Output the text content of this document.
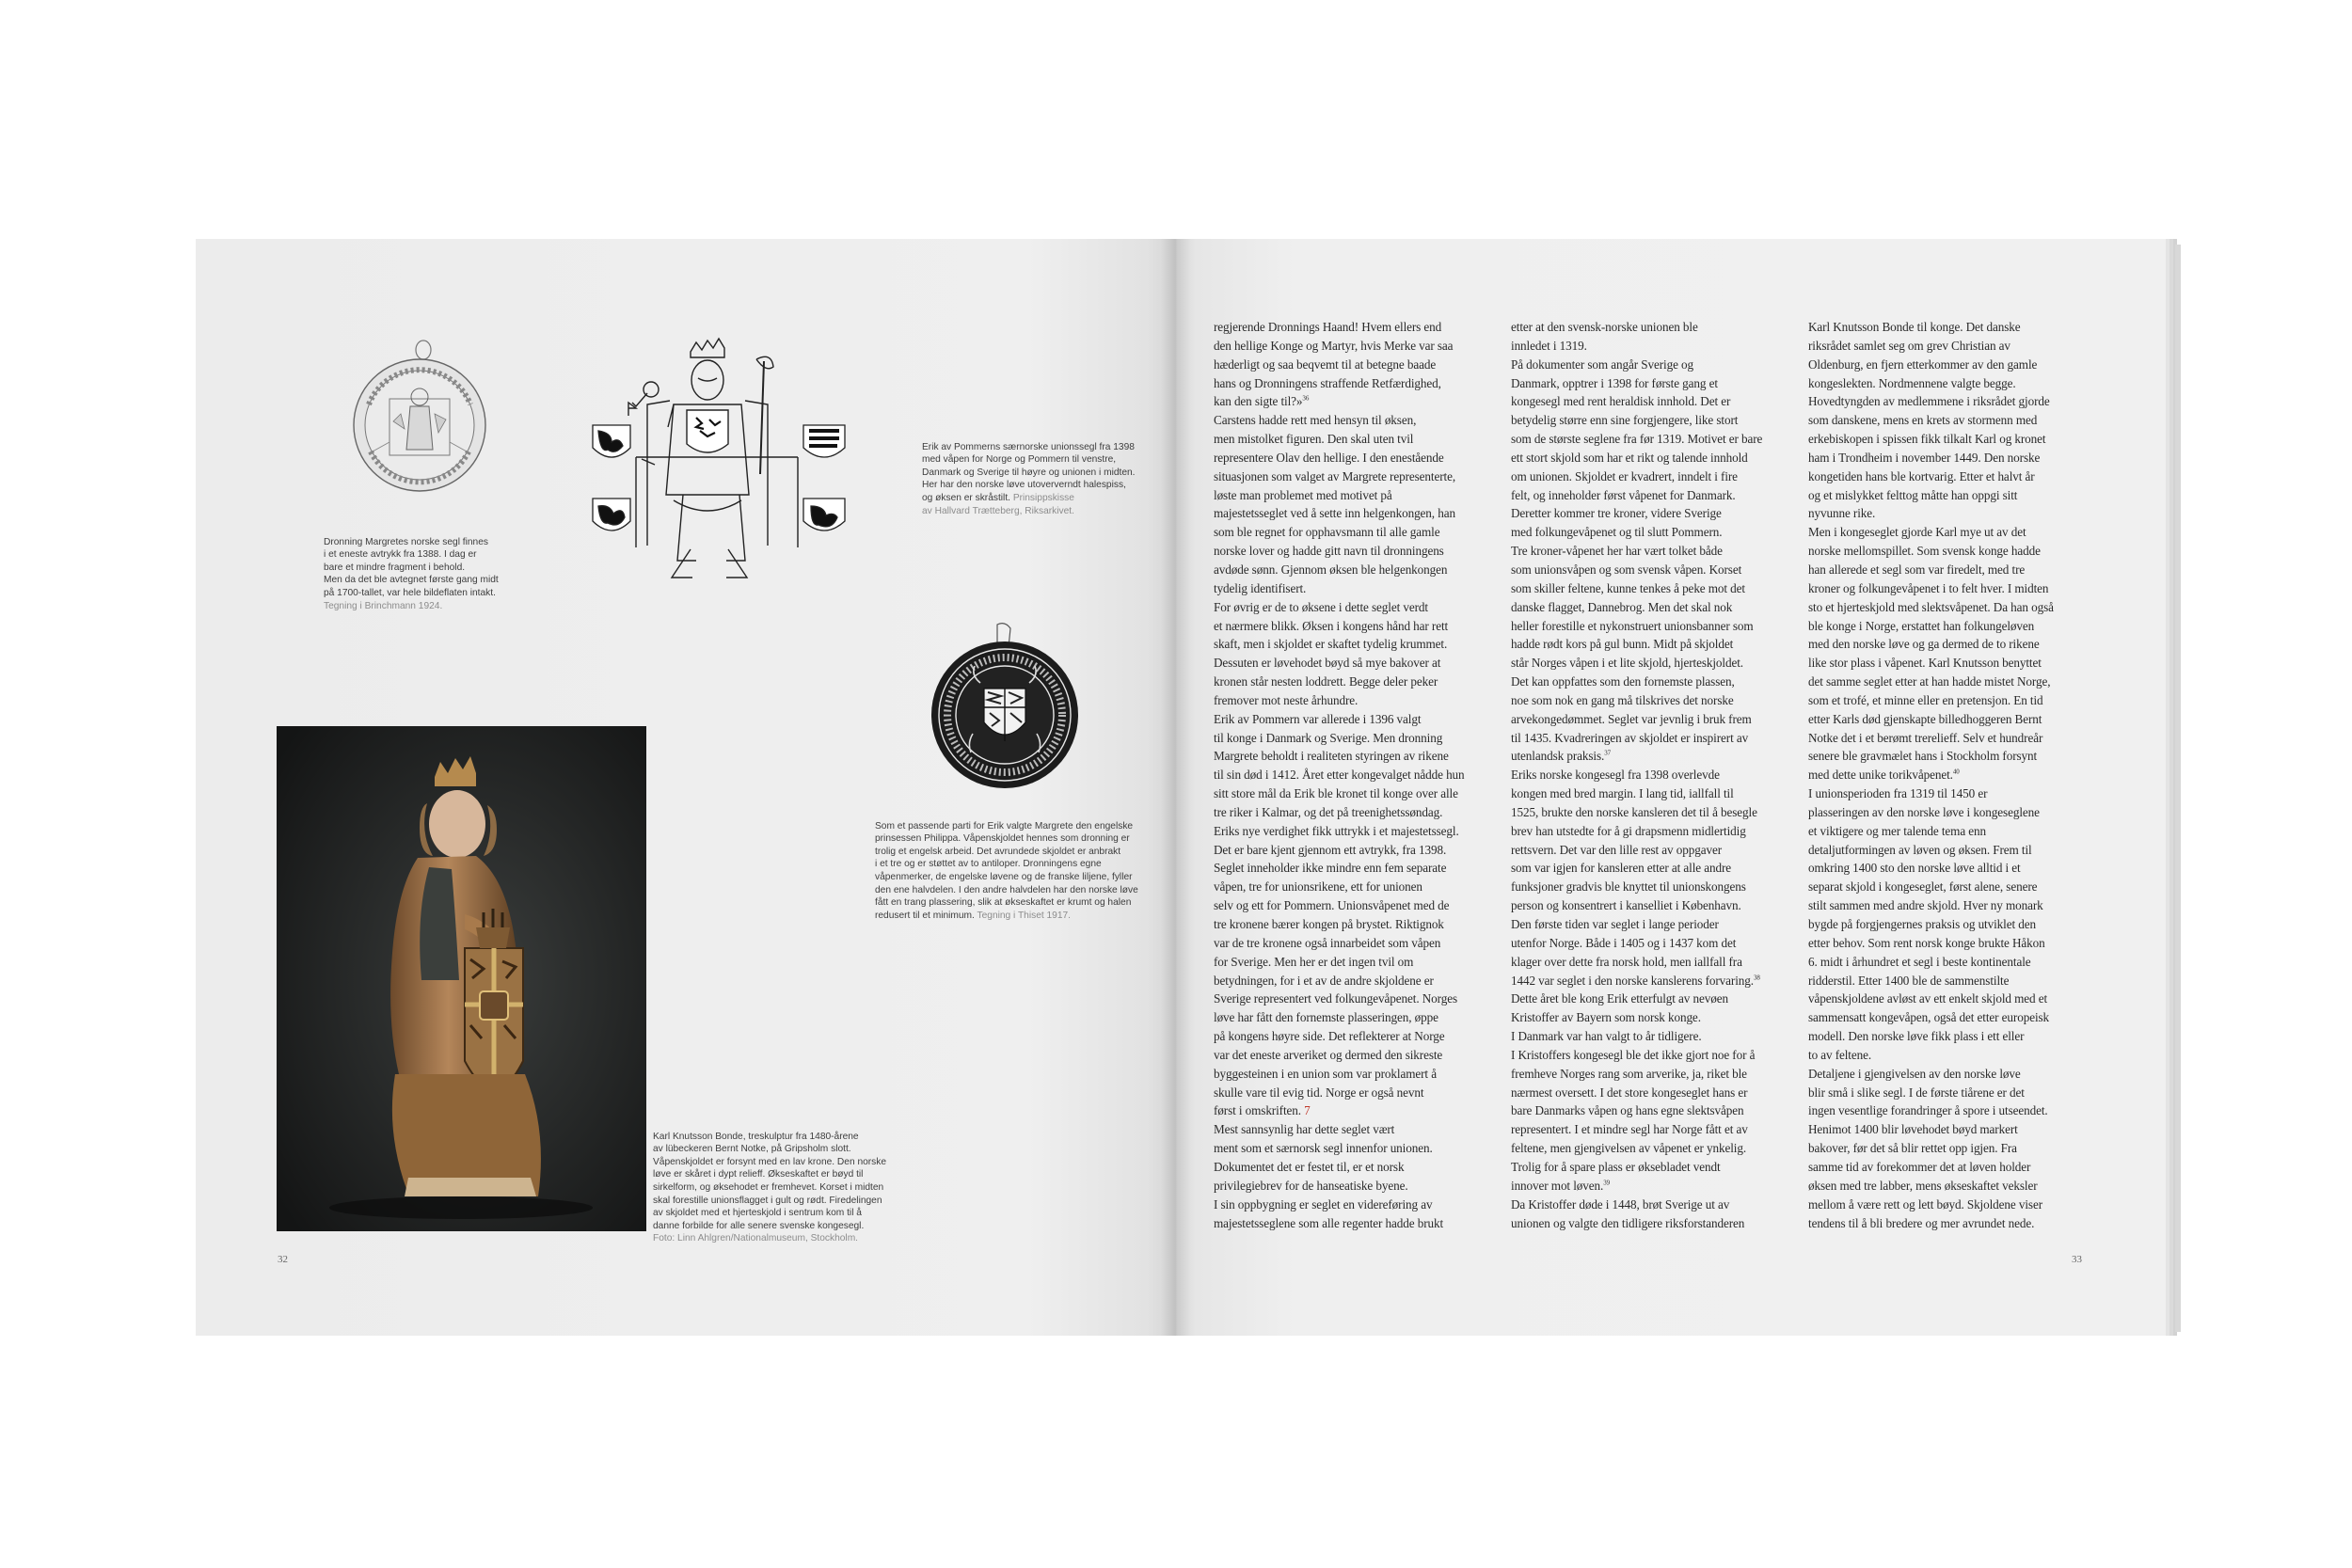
Dronning Margretes norske segl finnes
i et eneste avtrykk fra 1388. I dag er
bare et mindre fragment i behold.
Men da det ble avtegnet første gang midt
på 1700-tallet, var hele bildeflaten intakt.
Tegning i Brinchmann 1924.

Erik av Pommerns særnorske unionssegl fra 1398
med våpen for Norge og Pommern til venstre,
Danmark og Sverige til høyre og unionen i midten.
Her har den norske løve utoververndt halespiss,
og øksen er skråstilt. Prinsippskisse
av Hallvard Trætteberg, Riksarkivet.

Som et passende parti for Erik valgte Margrete den engelske
prinsessen Philippa. Våpenskjoldet hennes som dronning er
trolig et engelsk arbeid. Det avrundede skjoldet er anbrakt
i et tre og er støttet av to antiloper. Dronningens egne
våpenmerker, de engelske løvene og de franske liljene, fyller
den ene halvdelen. I den andre halvdelen har den norske løve
fått en trang plassering, slik at økseskaftet er krumt og halen
redusert til et minimum. Tegning i Thiset 1917.

Karl Knutsson Bonde, treskulptur fra 1480-årene
av lübeckeren Bernt Notke, på Gripsholm slott.
Våpenskjoldet er forsynt med en lav krone. Den norske
løve er skåret i dypt relieff. Økseskaftet er bøyd til
sirkelform, og økseh​odet er fremhevet. Korset i midten
skal forestille unionsflagget i gult og rødt. Firedelingen
av skjoldet med et hjerteskjold i sentrum kom til å
danne forbilde for alle senere svenske kongesegl.
Foto: Linn Ahlgren/Nationalmuseum, Stockholm.

32
regjerende Dronnings Haand! Hvem ellers end
den hellige Konge og Martyr, hvis Merke var saa
hæderligt og saa beqvemt til at betegne baade
hans og Dronningens straffende Retfærdighed,
kan den sigte til?»$^{36}$
Carstens hadde rett med hensyn til øksen,
men mistolket figuren. Den skal uten tvil
representere Olav den hellige. I den enestående
situasjonen som valget av Margrete representerte,
løste man problemet med motivet på
majestetsseglet ved å sette inn helgenkongen, han
som ble regnet for opphavsmann til alle gamle
norske lover og hadde gitt navn til dronningens
avdøde sønn. Gjennom øksen ble helgenkongen
tydelig identifisert.
For øvrig er de to øksene i dette seglet verdt
et nærmere blikk. Øksen i kongens hånd har rett
skaft, men i skjoldet er skaftet tydelig krummet.
Dessuten er løvehodet bøyd så mye bakover at
kronen står nesten loddrett. Begge deler peker
fremover mot neste århundre.
Erik av Pommern var allerede i 1396 valgt
til konge i Danmark og Sverige. Men dronning
Margrete beholdt i realiteten styringen av rikene
til sin død i 1412. Året etter kongevalget nådde hun
sitt store mål da Erik ble kronet til konge over alle
tre riker i Kalmar, og det på treenighetssøndag.
Eriks nye verdighet fikk uttrykk i et majestetssegl.
Det er bare kjent gjennom ett avtrykk, fra 1398.
Seglet inneholder ikke mindre enn fem separate
våpen, tre for unionsrikene, ett for unionen
selv og ett for Pommern. Unionsvåpenet med de
tre kronene bærer kongen på brystet. Riktignok
var de tre kronene også innarbeidet som våpen
for Sverige. Men her er det ingen tvil om
betydningen, for i et av de andre skjoldene er
Sverige representert ved folkungevåpenet. Norges
løve har fått den fornemste plasseringen, øppe
på kongens høyre side. Det reflekterer at Norge
var det eneste arveriket og dermed den sikreste
byggesteinen i en union som var proklamert å
skulle vare til evig tid. Norge er også nevnt
først i omskriften. 7
Mest sannsynlig har dette seglet vært
ment som et særnorsk segl innenfor unionen.
Dokumentet det er festet til, er et norsk
privilegiebrev for de hanseatiske byene.
I sin oppbygning er seglet en videreføring av
majestetsseglene som alle regenter hadde brukt
etter at den svensk-norske unionen ble
innledet i 1319.
På dokumenter som angår Sverige og
Danmark, opptrer i 1398 for første gang et
kongesegl med rent heraldisk innhold. Det er
betydelig større enn sine forgjengere, like stort
som de største seglene fra før 1319. Motivet er bare
ett stort skjold som har et rikt og talende innhold
om unionen. Skjoldet er kvadrert, inndelt i fire
felt, og inneholder først våpenet for Danmark.
Deretter kommer tre kroner, videre Sverige
med folkungevåpenet og til slutt Pommern.
Tre kroner-våpenet her har vært tolket både
som unionsvåpen og som svensk våpen. Korset
som skiller feltene, kunne tenkes å peke mot det
danske flagget, Dannebrog. Men det skal nok
heller forestille et nykonstruert unionsbanner som
hadde rødt kors på gul bunn. Midt på skjoldet
står Norges våpen i et lite skjold, hjerteskjoldet.
Det kan oppfattes som den fornemste plassen,
noe som nok en gang må tilskrives det norske
arvekongedømmet. Seglet var jevnlig i bruk frem
til 1435. Kvadreringen av skjoldet er inspirert av
utenlandsk praksis.$^{37}$
Eriks norske kongesegl fra 1398 overlevde
kongen med bred margin. I lang tid, iallfall til
1525, brukte den norske kansleren det til å besegle
brev han utstedte for å gi drapsmenn midlertidig
rettsvern. Det var den lille rest av oppgaver
som var igjen for kansleren etter at alle andre
funksjoner gradvis ble knyttet til unionskongens
person og konsentrert i kanselliet i København.
Den første tiden var seglet i lange perioder
utenfor Norge. Både i 1405 og i 1437 kom det
klager over dette fra norsk hold, men iallfall fra
1442 var seglet i den norske kanslerens forvaring.$^{38}$
Dette året ble kong Erik etterfulgt av nevøen
Kristoffer av Bayern som norsk konge.
I Danmark var han valgt to år tidligere.
I Kristoffers kongesegl ble det ikke gjort noe for å
fremheve Norges rang som arverike, ja, riket ble
nærmest oversett. I det store kongeseglet hans er
bare Danmarks våpen og hans egne slektsvåpen
representert. I et mindre segl har Norge fått et av
feltene, men gjengivelsen av våpenet er ynkelig.
Trolig for å spare plass er øksebladet vendt
innover mot løven.$^{39}$
Da Kristoffer døde i 1448, brøt Sverige ut av
unionen og valgte den tidligere riksforstanderen
Karl Knutsson Bonde til konge. Det danske
riksrådet samlet seg om grev Christian av
Oldenburg, en fjern etterkommer av den gamle
kongeslekten. Nordmennene valgte begge.
Hovedtyngden av medlemmene i riksrådet gjorde
som danskene, mens en krets av stormenn med
erkebiskopen i spissen fikk tilkalt Karl og kronet
ham i Trondheim i november 1449. Den norske
kongetiden hans ble kortvarig. Etter et halvt år
og et mislykket felttog måtte han oppgi sitt
nyvunne rike.
Men i kongeseglet gjorde Karl mye ut av det
norske mellomspillet. Som svensk konge hadde
han allerede et segl som var firedelt, med tre
kroner og folkungevåpenet i to felt hver. I midten
sto et hjerteskjold med slektsvåpenet. Da han også
ble konge i Norge, erstattet han folkungeløven
med den norske løve og ga dermed de to rikene
like stor plass i våpenet. Karl Knutsson benyttet
det samme seglet etter at han hadde mistet Norge,
som et trofé, et minne eller en pretensjon. En tid
etter Karls død gjenskapte billedhoggeren Bernt
Notke det i et berømt trerelieff. Selv et hundreår
senere ble gravmælet hans i Stockholm forsynt
med dette unike torikvåpenet.$^{40}$
I unionsperioden fra 1319 til 1450 er
plasseringen av den norske løve i kongeseglene
et viktigere og mer talende tema enn
detaljutformingen av løven og øksen. Frem til
omkring 1400 sto den norske løve alltid i et
separat skjold i kongeseglet, først alene, senere
stilt sammen med andre skjold. Hver ny monark
bygde på forgjengernes praksis og utviklet den
etter behov. Som rent norsk konge brukte Håkon
6. midt i århundret et segl i beste kontinentale
ridderstil. Etter 1400 ble de sammenstilte
våpenskjoldene avløst av ett enkelt skjold med et
sammensatt kongevåpen, også det etter europeisk
modell. Den norske løve fikk plass i ett eller
to av feltene.
Detaljene i gjengivelsen av den norske løve
blir små i slike segl. I de første tiårene er det
ingen vesentlige forandringer å spore i utseendet.
Henimot 1400 blir løvehodet bøyd markert
bakover, før det så blir rettet opp igjen. Fra
samme tid av forekommer det at løven holder
øksen med tre labber, mens økseskaftet veksler
mellom å være rett og lett bøyd. Skjoldene viser
tendens til å bli bredere og mer avrundet nede.
33
